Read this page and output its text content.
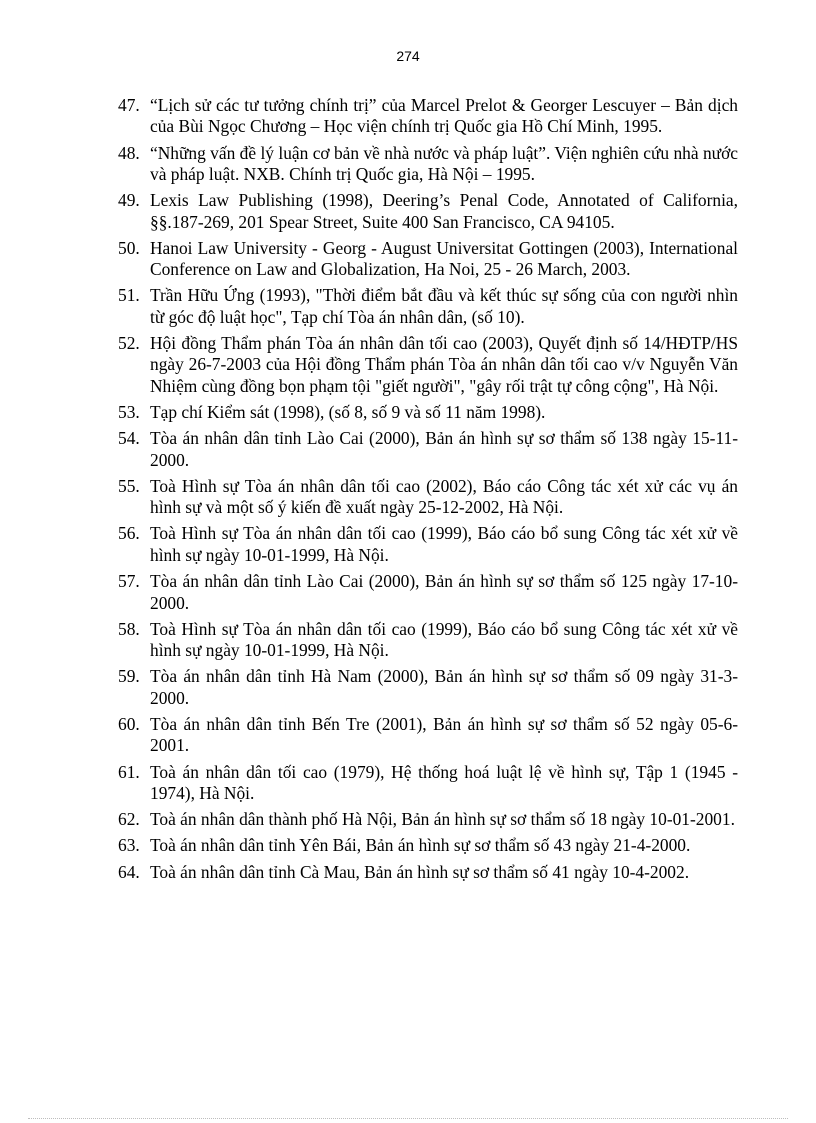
274
47. “Lịch sử các tư tưởng chính trị” của Marcel Prelot & Georger Lescuyer – Bản dịch của Bùi Ngọc Chương – Học viện chính trị Quốc gia Hồ Chí Minh, 1995.
48. “Những vấn đề lý luận cơ bản về nhà nước và pháp luật”. Viện nghiên cứu nhà nước và pháp luật. NXB. Chính trị Quốc gia, Hà Nội – 1995.
49. Lexis Law Publishing (1998), Deering’s Penal Code, Annotated of California, §§.187-269, 201 Spear Street, Suite 400 San Francisco, CA 94105.
50. Hanoi Law University - Georg - August Universitat Gottingen (2003), International Conference on Law and Globalization, Ha Noi, 25 - 26 March, 2003.
51. Trần Hữu Ứng (1993), "Thời điểm bắt đầu và kết thúc sự sống của con người nhìn từ góc độ luật học", Tạp chí Tòa án nhân dân, (số 10).
52. Hội đồng Thẩm phán Tòa án nhân dân tối cao (2003), Quyết định số 14/HĐTP/HS ngày 26-7-2003 của Hội đồng Thẩm phán Tòa án nhân dân tối cao v/v Nguyễn Văn Nhiệm cùng đồng bọn phạm tội "giết người", "gây rối trật tự công cộng", Hà Nội.
53. Tạp chí Kiểm sát (1998), (số 8, số 9 và số 11 năm 1998).
54. Tòa án nhân dân tỉnh Lào Cai (2000), Bản án hình sự sơ thẩm số 138 ngày 15-11-2000.
55. Toà Hình sự Tòa án nhân dân tối cao (2002), Báo cáo Công tác xét xử các vụ án hình sự và một số ý kiến đề xuất ngày 25-12-2002, Hà Nội.
56. Toà Hình sự Tòa án nhân dân tối cao (1999), Báo cáo bổ sung Công tác xét xử về hình sự ngày 10-01-1999, Hà Nội.
57. Tòa án nhân dân tỉnh Lào Cai (2000), Bản án hình sự sơ thẩm số 125 ngày 17-10-2000.
58. Toà Hình sự Tòa án nhân dân tối cao (1999), Báo cáo bổ sung Công tác xét xử về hình sự ngày 10-01-1999, Hà Nội.
59. Tòa án nhân dân tỉnh Hà Nam (2000), Bản án hình sự sơ thẩm số 09 ngày 31-3-2000.
60. Tòa án nhân dân tỉnh Bến Tre (2001), Bản án hình sự sơ thẩm số 52 ngày 05-6-2001.
61. Toà án nhân dân tối cao (1979), Hệ thống hoá luật lệ về hình sự, Tập 1 (1945 - 1974), Hà Nội.
62. Toà án nhân dân thành phố Hà Nội, Bản án hình sự sơ thẩm số 18 ngày 10-01-2001.
63. Toà án nhân dân tỉnh Yên Bái, Bản án hình sự sơ thẩm số 43 ngày 21-4-2000.
64. Toà án nhân dân tỉnh Cà Mau, Bản án hình sự sơ thẩm số 41 ngày 10-4-2002.
